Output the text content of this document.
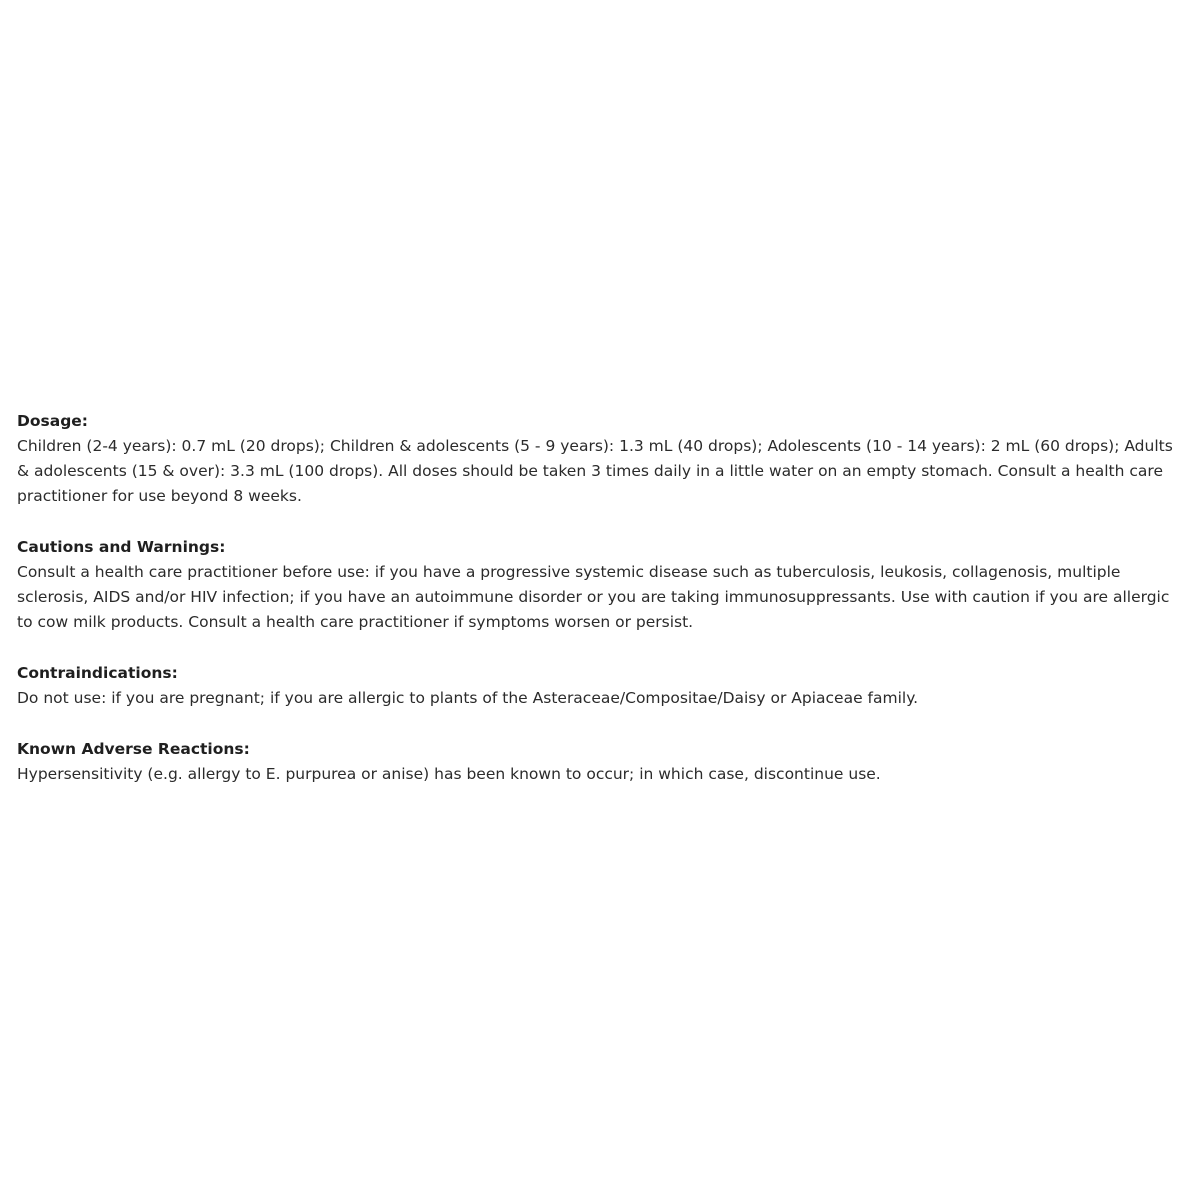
Dosage:
Children (2-4 years): 0.7 mL (20 drops); Children & adolescents (5 - 9 years): 1.3 mL (40 drops); Adolescents (10 - 14 years): 2 mL (60 drops); Adults & adolescents (15 & over): 3.3 mL (100 drops). All doses should be taken 3 times daily in a little water on an empty stomach. Consult a health care practitioner for use beyond 8 weeks.
Cautions and Warnings:
Consult a health care practitioner before use: if you have a progressive systemic disease such as tuberculosis, leukosis, collagenosis, multiple sclerosis, AIDS and/or HIV infection; if you have an autoimmune disorder or you are taking immunosuppressants. Use with caution if you are allergic to cow milk products. Consult a health care practitioner if symptoms worsen or persist.
Contraindications:
Do not use: if you are pregnant; if you are allergic to plants of the Asteraceae/Compositae/Daisy or Apiaceae family.
Known Adverse Reactions:
Hypersensitivity (e.g. allergy to E. purpurea or anise) has been known to occur; in which case, discontinue use.
